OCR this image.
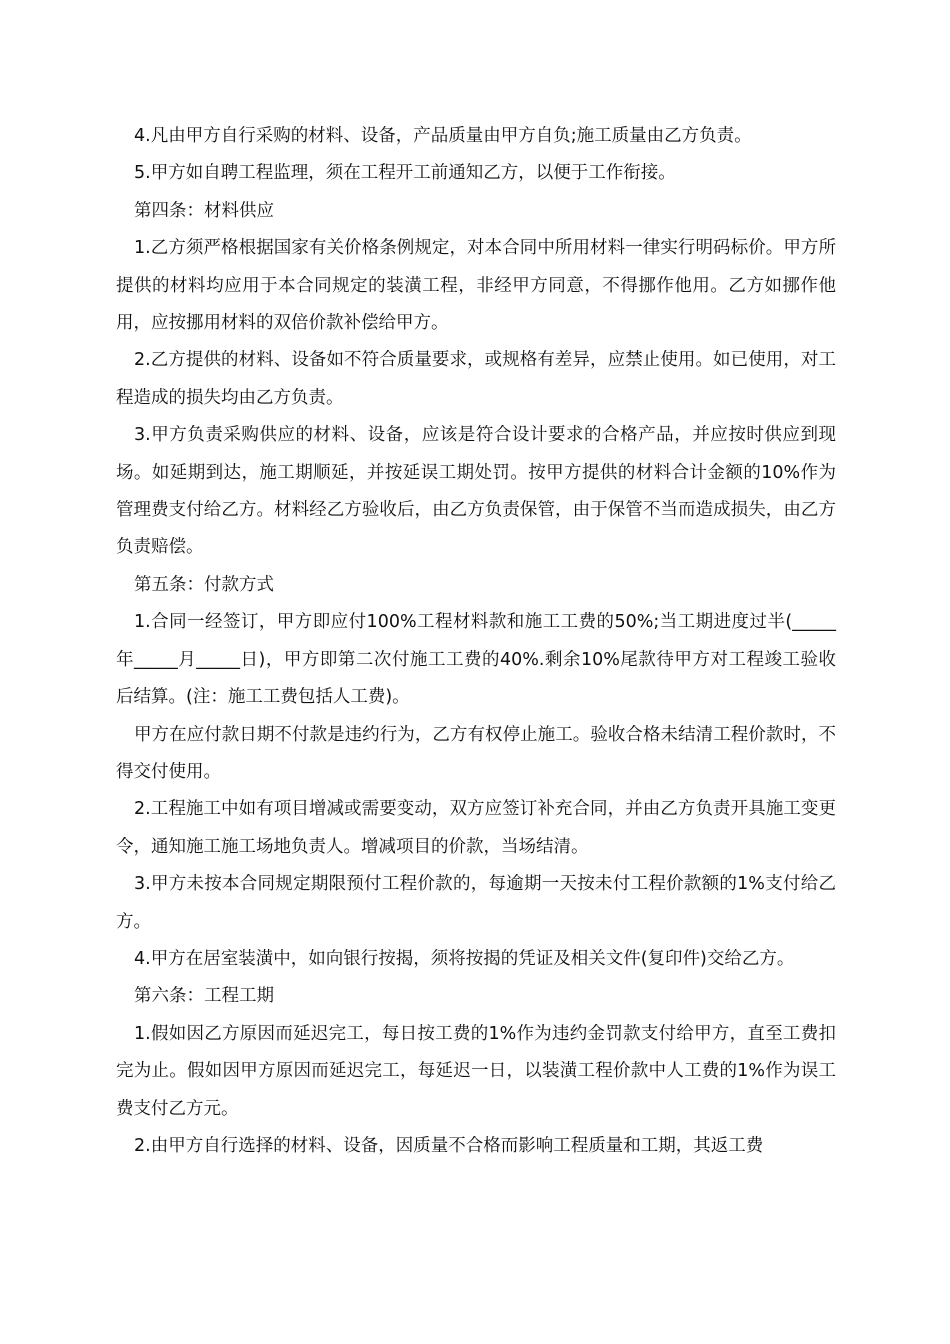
4.凡由甲方自行采购的材料、设备，产品质量由甲方自负;施工质量由乙方负责。

5.甲方如自聘工程监理，须在工程开工前通知乙方，以便于工作衔接。

第四条：材料供应

1.乙方须严格根据国家有关价格条例规定，对本合同中所用材料一律实行明码标价。甲方所提供的材料均应用于本合同规定的装潢工程，非经甲方同意，不得挪作他用。乙方如挪作他用，应按挪用材料的双倍价款补偿给甲方。

2.乙方提供的材料、设备如不符合质量要求，或规格有差异，应禁止使用。如已使用，对工程造成的损失均由乙方负责。

3.甲方负责采购供应的材料、设备，应该是符合设计要求的合格产品，并应按时供应到现场。如延期到达，施工期顺延，并按延误工期处罚。按甲方提供的材料合计金额的10%作为管理费支付给乙方。材料经乙方验收后，由乙方负责保管，由于保管不当而造成损失，由乙方负责赔偿。

第五条：付款方式

1.合同一经签订，甲方即应付100%工程材料款和施工工费的50%;当工期进度过半(_____年_____月_____日)，甲方即第二次付施工工费的40%.剩余10%尾款待甲方对工程竣工验收后结算。(注：施工工费包括人工费)。

甲方在应付款日期不付款是违约行为，乙方有权停止施工。验收合格未结清工程价款时，不得交付使用。

2.工程施工中如有项目增减或需要变动，双方应签订补充合同，并由乙方负责开具施工变更令，通知施工施工场地负责人。增减项目的价款，当场结清。

3.甲方未按本合同规定期限预付工程价款的，每逾期一天按未付工程价款额的1%支付给乙方。

4.甲方在居室装潢中，如向银行按揭，须将按揭的凭证及相关文件(复印件)交给乙方。

第六条：工程工期

1.假如因乙方原因而延迟完工，每日按工费的1%作为违约金罚款支付给甲方，直至工费扣完为止。假如因甲方原因而延迟完工，每延迟一日，以装潢工程价款中人工费的1%作为误工费支付乙方元。

2.由甲方自行选择的材料、设备，因质量不合格而影响工程质量和工期，其返工费
